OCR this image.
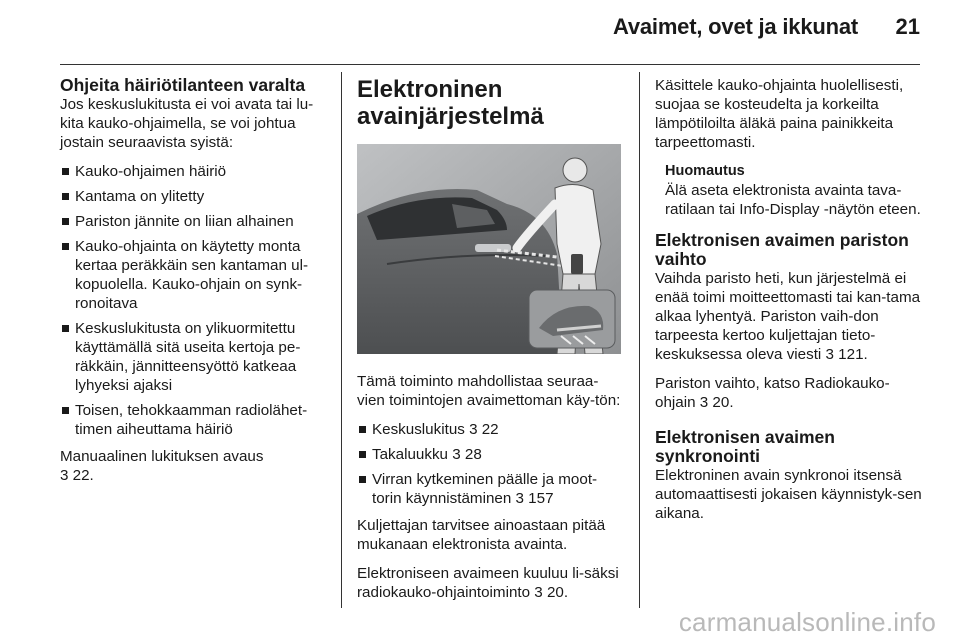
Avaimet, ovet ja ikkunat 21
Ohjeita häiriötilanteen varalta

Jos keskuslukitusta ei voi avata tai lu-kita kauko-ohjaimella, se voi johtua jostain seuraavista syistä:

Kauko-ohjaimen häiriö
Kantama on ylitetty
Pariston jännite on liian alhainen
Kauko-ohjainta on käytetty monta kertaa peräkkäin sen kantaman ul-kopuolella. Kauko-ohjain on synk-ronoitava
Keskuslukitusta on ylikuormitettu käyttämällä sitä useita kertoja pe-räkkäin, jännitteensyöttö katkeaa lyhyeksi ajaksi
Toisen, tehokkaamman radiolähet-timen aiheuttama häiriö

Manuaalinen lukituksen avaus
3 22.

Elektroninen avainjärjestelmä

Tämä toiminto mahdollistaa seuraa-vien toimintojen avaimettoman käy-tön:

Keskuslukitus 3 22
Takaluukku 3 28
Virran kytkeminen päälle ja moot-torin käynnistäminen 3 157

Kuljettajan tarvitsee ainoastaan pitää mukanaan elektronista avainta.

Elektroniseen avaimeen kuuluu li-säksi radiokauko-ohjaintoiminto 3 20.

Käsittele kauko-ohjainta huolellisesti, suojaa se kosteudelta ja korkeilta lämpötiloilta äläkä paina painikkeita tarpeettomasti.

Huomautus
Älä aseta elektronista avainta tava-ratilaan tai Info-Display -näytön eteen.
Elektronisen avaimen pariston vaihto

Vaihda paristo heti, kun järjestelmä ei enää toimi moitteettomasti tai kan-tama alkaa lyhentyä. Pariston vaih-don tarpeesta kertoo kuljettajan tieto-keskuksessa oleva viesti 3 121.

Pariston vaihto, katso Radiokauko-ohjain 3 20.

Elektronisen avaimen synkronointi

Elektroninen avain synkronoi itsensä automaattisesti jokaisen käynnistyk-sen aikana.

carmanualsonline.info
